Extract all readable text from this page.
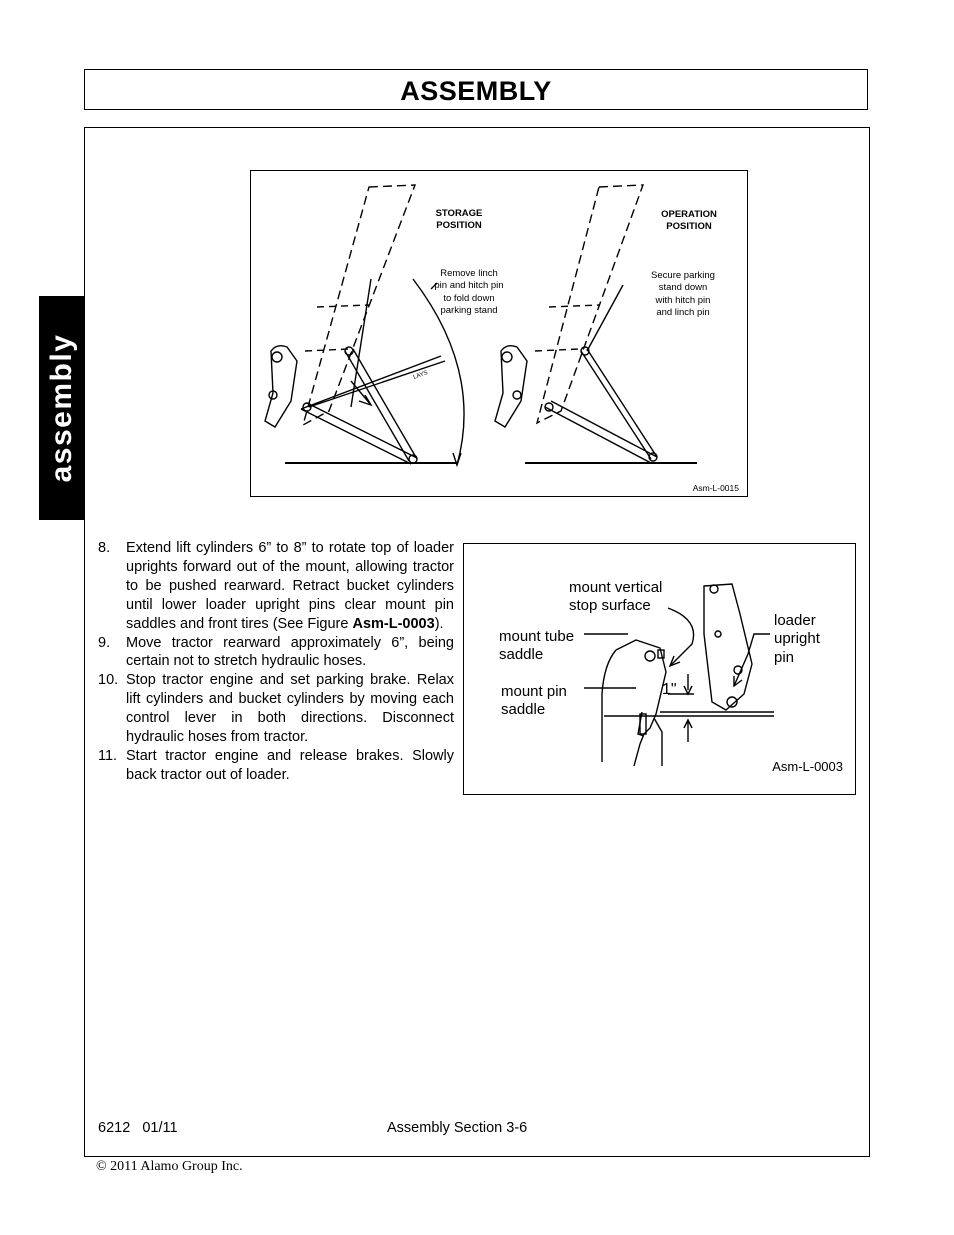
ASSEMBLY
assembly
STORAGE
POSITION
OPERATION
POSITION
Remove linch
pin and hitch pin
to fold down
parking stand
Secure parking
stand down
with hitch pin
and linch pin
LAYS
Asm-L-0015
mount vertical
stop surface
mount tube
saddle
mount pin
saddle
loader
upright
pin
1"
Asm-L-0003
8. Extend lift cylinders 6” to 8” to rotate top of loader uprights forward out of the mount, allowing tractor to be pushed rearward. Retract bucket cylinders until lower loader upright pins clear mount pin saddles and front tires (See Figure Asm-L-0003).
9. Move tractor rearward approximately 6”, being certain not to stretch hydraulic hoses.
10. Stop tractor engine and set parking brake. Relax lift cylinders and bucket cylinders by moving each control lever in both directions. Disconnect hydraulic hoses from tractor.
11. Start tractor engine and release brakes. Slowly back tractor out of loader.
6212   01/11	Assembly Section 3-6
© 2011 Alamo Group Inc.
